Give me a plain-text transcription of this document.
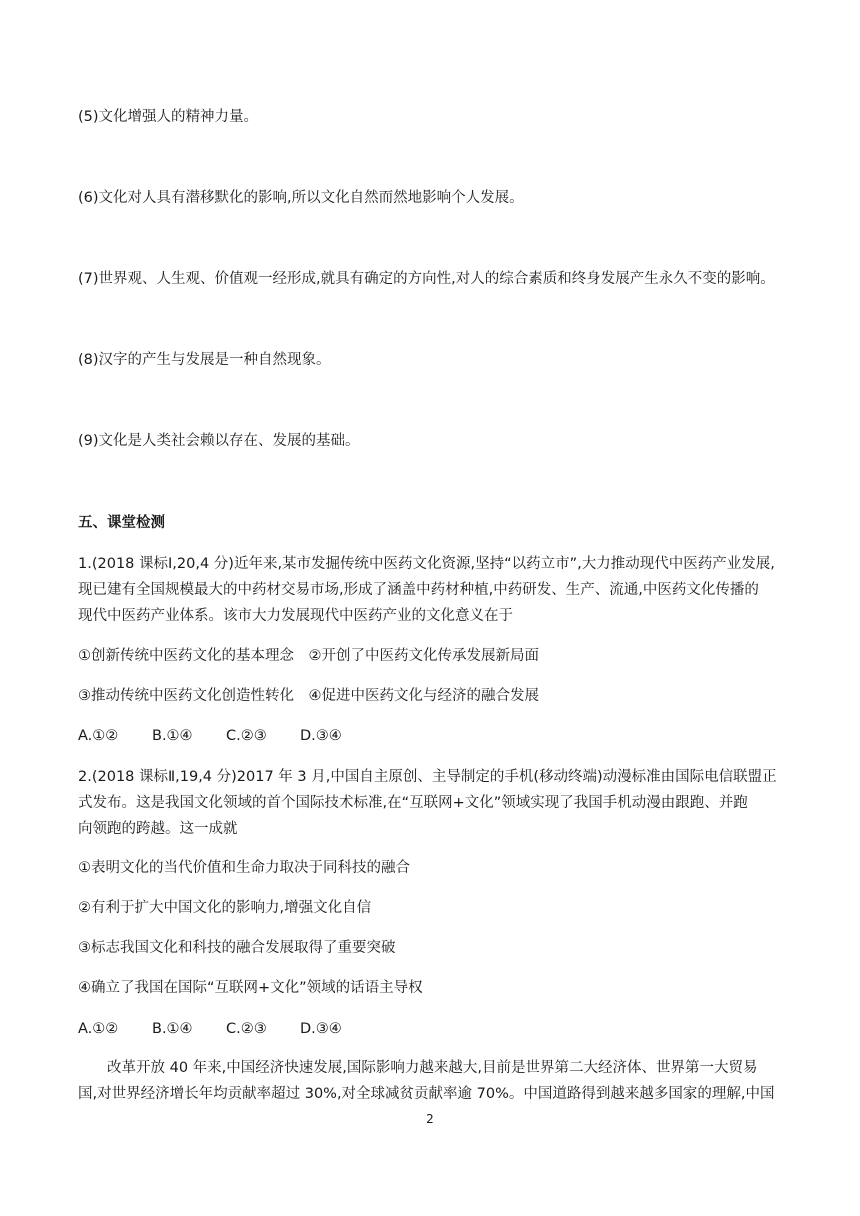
(5)文化增强人的精神力量。
(6)文化对人具有潜移默化的影响,所以文化自然而然地影响个人发展。
(7)世界观、人生观、价值观一经形成,就具有确定的方向性,对人的综合素质和终身发展产生永久不变的影响。
(8)汉字的产生与发展是一种自然现象。
(9)文化是人类社会赖以存在、发展的基础。
五、课堂检测
1.(2018 课标Ⅰ,20,4 分)近年来,某市发掘传统中医药文化资源,坚持“以药立市”,大力推动现代中医药产业发展,
现已建有全国规模最大的中药材交易市场,形成了涵盖中药材种植,中药研发、生产、流通,中医药文化传播的
现代中医药产业体系。该市大力发展现代中医药产业的文化意义在于
①创新传统中医药文化的基本理念　②开创了中医药文化传承发展新局面
③推动传统中医药文化创造性转化　④促进中医药文化与经济的融合发展
A.①② B.①④ C.②③ D.③④
2.(2018 课标Ⅱ,19,4 分)2017 年 3 月,中国自主原创、主导制定的手机(移动终端)动漫标准由国际电信联盟正
式发布。这是我国文化领域的首个国际技术标准,在“互联网+文化”领域实现了我国手机动漫由跟跑、并跑
向领跑的跨越。这一成就
①表明文化的当代价值和生命力取决于同科技的融合
②有利于扩大中国文化的影响力,增强文化自信
③标志我国文化和科技的融合发展取得了重要突破
④确立了我国在国际“互联网+文化”领域的话语主导权
A.①② B.①④ C.②③ D.③④
改革开放 40 年来,中国经济快速发展,国际影响力越来越大,目前是世界第二大经济体、世界第一大贸易
国,对世界经济增长年均贡献率超过 30%,对全球减贫贡献率逾 70%。中国道路得到越来越多国家的理解,中国
2
